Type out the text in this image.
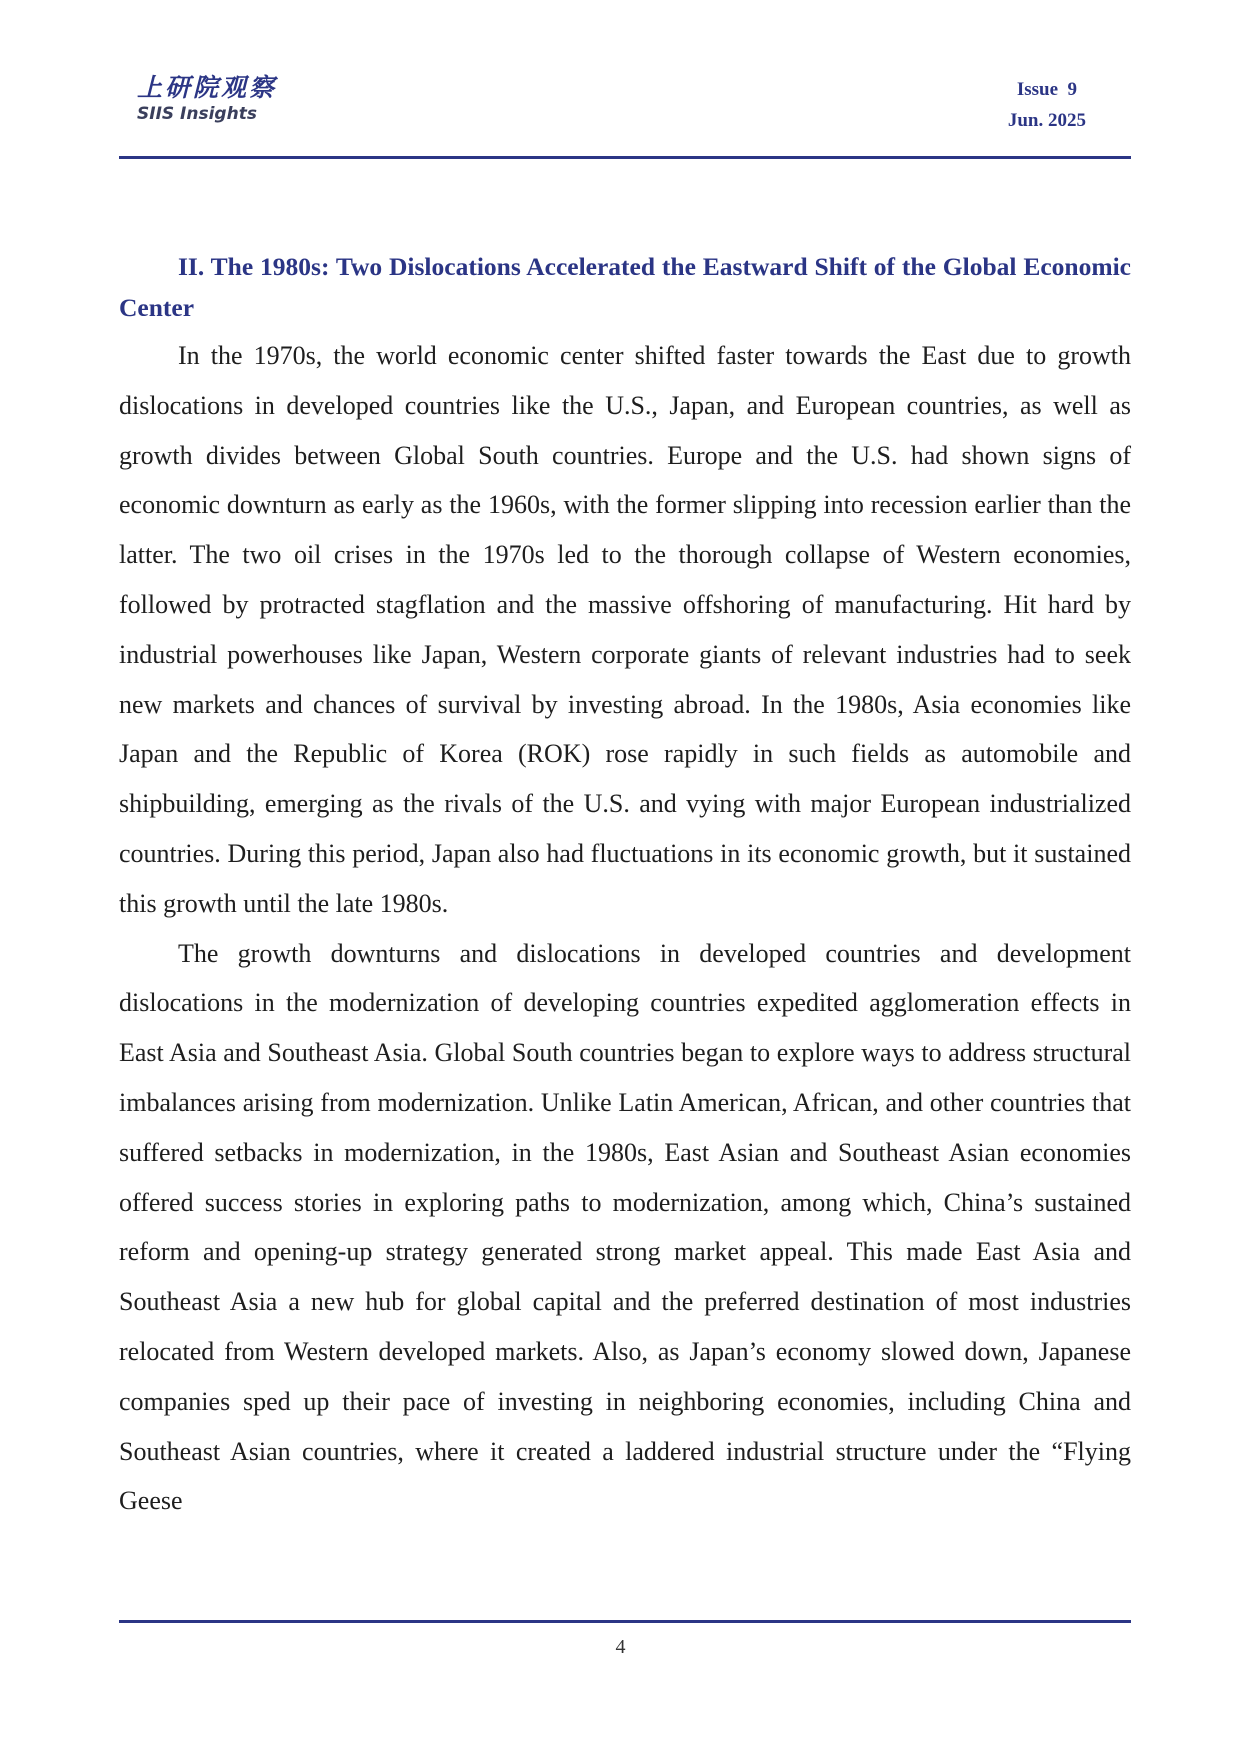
上研院观察
SIIS Insights
Issue  9
Jun. 2025
II. The 1980s: Two Dislocations Accelerated the Eastward Shift of the Global Economic Center

In the 1970s, the world economic center shifted faster towards the East due to growth dislocations in developed countries like the U.S., Japan, and European countries, as well as growth divides between Global South countries. Europe and the U.S. had shown signs of economic downturn as early as the 1960s, with the former slipping into recession earlier than the latter. The two oil crises in the 1970s led to the thorough collapse of Western economies, followed by protracted stagflation and the massive offshoring of manufacturing. Hit hard by industrial powerhouses like Japan, Western corporate giants of relevant industries had to seek new markets and chances of survival by investing abroad. In the 1980s, Asia economies like Japan and the Republic of Korea (ROK) rose rapidly in such fields as automobile and shipbuilding, emerging as the rivals of the U.S. and vying with major European industrialized countries. During this period, Japan also had fluctuations in its economic growth, but it sustained this growth until the late 1980s.

The growth downturns and dislocations in developed countries and development dislocations in the modernization of developing countries expedited agglomeration effects in East Asia and Southeast Asia. Global South countries began to explore ways to address structural imbalances arising from modernization. Unlike Latin American, African, and other countries that suffered setbacks in modernization, in the 1980s, East Asian and Southeast Asian economies offered success stories in exploring paths to modernization, among which, China’s sustained reform and opening-up strategy generated strong market appeal. This made East Asia and Southeast Asia a new hub for global capital and the preferred destination of most industries relocated from Western developed markets. Also, as Japan’s economy slowed down, Japanese companies sped up their pace of investing in neighboring economies, including China and Southeast Asian countries, where it created a laddered industrial structure under the “Flying Geese

4
